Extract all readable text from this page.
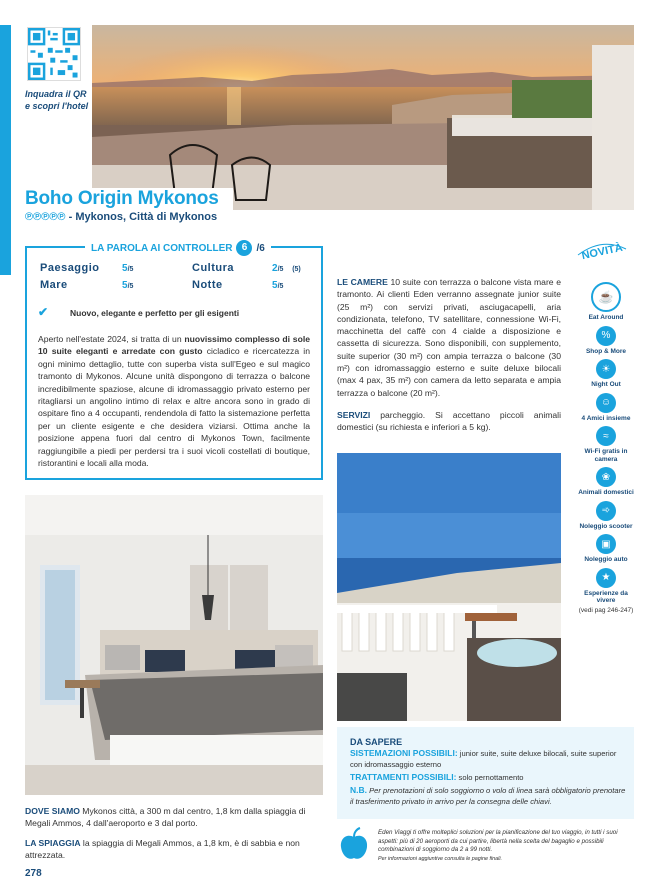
Inquadra il QR
e scopri l'hotel
Boho Origin Mykonos
℗℗℗℗℗ - Mykonos, Città di Mykonos
LA PAROLA AI CONTROLLER 6 /6
Paesaggio 5/5	Cultura	2/5 (5)
Mare	5/5	Notte	5/5
✔	Nuovo, elegante e perfetto per gli esigenti
Aperto nell'estate 2024, si tratta di un nuovissimo complesso di sole 10 suite eleganti e arredate con gusto cicladico e ricercatezza in ogni minimo dettaglio, tutte con superba vista sull'Egeo e sul magico tramonto di Mykonos. Alcune unità dispongono di terrazza o balcone incredibilmente spaziose, alcune di idromassaggio privato esterno per ritagliarsi un angolino intimo di relax e altre ancora sono in grado di ospitare fino a 4 occupanti, rendendola di fatto la sistemazione perfetta per un cliente esigente e che desidera viziarsi. Ottima anche la posizione appena fuori dal centro di Mykonos Town, facilmente raggiungibile a piedi per perdersi tra i suoi vicoli costellati di boutique, ristorantini e locali alla moda.
LE CAMERE 10 suite con terrazza o balcone vista mare e tramonto. Ai clienti Eden verranno assegnate junior suite (25 m²) con servizi privati, asciugacapelli, aria condizionata, telefono, TV satellitare, connessione Wi-Fi, macchinetta del caffè con 4 cialde a disposizione e cassetta di sicurezza. Sono disponibili, con supplemento, suite superior (30 m²) con ampia terrazza o balcone (30 m²) con idromassaggio esterno e suite deluxe bilocali (max 4 pax, 35 m²) con camera da letto separata e ampia terrazza o balcone (20 m²).
SERVIZI parcheggio. Si accettano piccoli animali domestici (su richiesta e inferiori a 5 kg).
NOVITÀ
☕
Eat Around
%
Shop & More
☀
Night Out
☺
4 Amici insieme
≈
Wi-Fi gratis in camera
❀
Animali domestici
➾
Noleggio scooter
▣
Noleggio auto
★
Esperienze da vivere
(vedi pag 246-247)
DOVE SIAMO Mykonos città, a 300 m dal centro, 1,8 km dalla spiaggia di Megali Ammos, 4 dall'aeroporto e 3 dal porto.
LA SPIAGGIA la spiaggia di Megali Ammos, a 1,8 km, è di sabbia e non attrezzata.
278
DA SAPERE
SISTEMAZIONI POSSIBILI: junior suite, suite deluxe bilocali, suite superior con idromassaggio esterno
TRATTAMENTI POSSIBILI: solo pernottamento
N.B. Per prenotazioni di solo soggiorno o volo di linea sarà obbligatorio prenotare il trasferimento privato in arrivo per la consegna delle chiavi.
Eden Viaggi ti offre molteplici soluzioni per la pianificazione del tuo viaggio, in tutti i suoi aspetti: più di 20 aeroporti da cui partire, libertà nella scelta del bagaglio e possibili combinazioni di soggiorno da 2 a 99 notti.
Per informazioni aggiuntive consulta le pagine finali.
